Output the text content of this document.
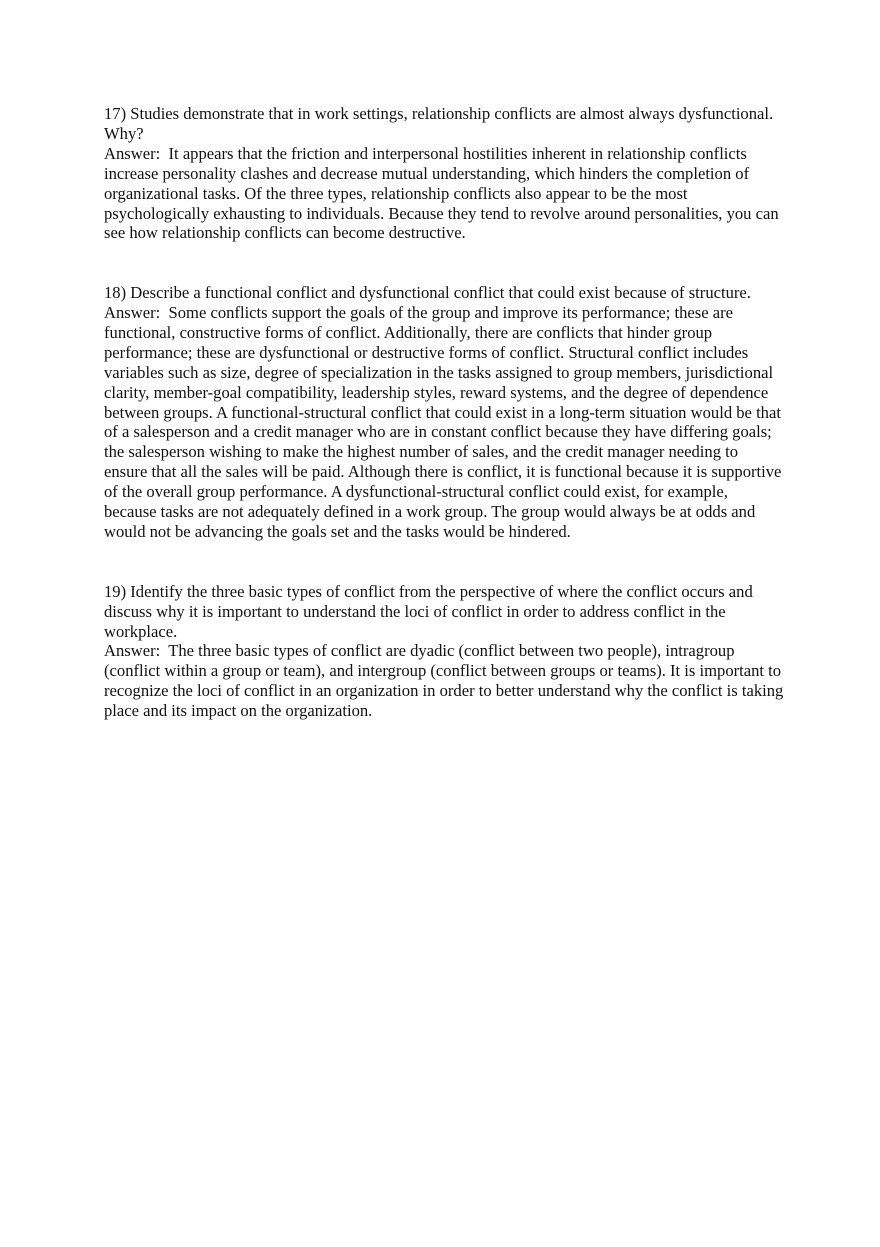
17) Studies demonstrate that in work settings, relationship conflicts are almost always dysfunctional. Why?

Answer:  It appears that the friction and interpersonal hostilities inherent in relationship conflicts increase personality clashes and decrease mutual understanding, which hinders the completion of organizational tasks. Of the three types, relationship conflicts also appear to be the most psychologically exhausting to individuals. Because they tend to revolve around personalities, you can see how relationship conflicts can become destructive.

18) Describe a functional conflict and dysfunctional conflict that could exist because of structure.

Answer:  Some conflicts support the goals of the group and improve its performance; these are functional, constructive forms of conflict. Additionally, there are conflicts that hinder group performance; these are dysfunctional or destructive forms of conflict. Structural conflict includes variables such as size, degree of specialization in the tasks assigned to group members, jurisdictional clarity, member-goal compatibility, leadership styles, reward systems, and the degree of dependence between groups. A functional-structural conflict that could exist in a long-term situation would be that of a salesperson and a credit manager who are in constant conflict because they have differing goals; the salesperson wishing to make the highest number of sales, and the credit manager needing to ensure that all the sales will be paid. Although there is conflict, it is functional because it is supportive of the overall group performance. A dysfunctional-structural conflict could exist, for example, because tasks are not adequately defined in a work group. The group would always be at odds and would not be advancing the goals set and the tasks would be hindered.

19) Identify the three basic types of conflict from the perspective of where the conflict occurs and discuss why it is important to understand the loci of conflict in order to address conflict in the workplace.

Answer:  The three basic types of conflict are dyadic (conflict between two people), intragroup (conflict within a group or team), and intergroup (conflict between groups or teams). It is important to recognize the loci of conflict in an organization in order to better understand why the conflict is taking place and its impact on the organization.
